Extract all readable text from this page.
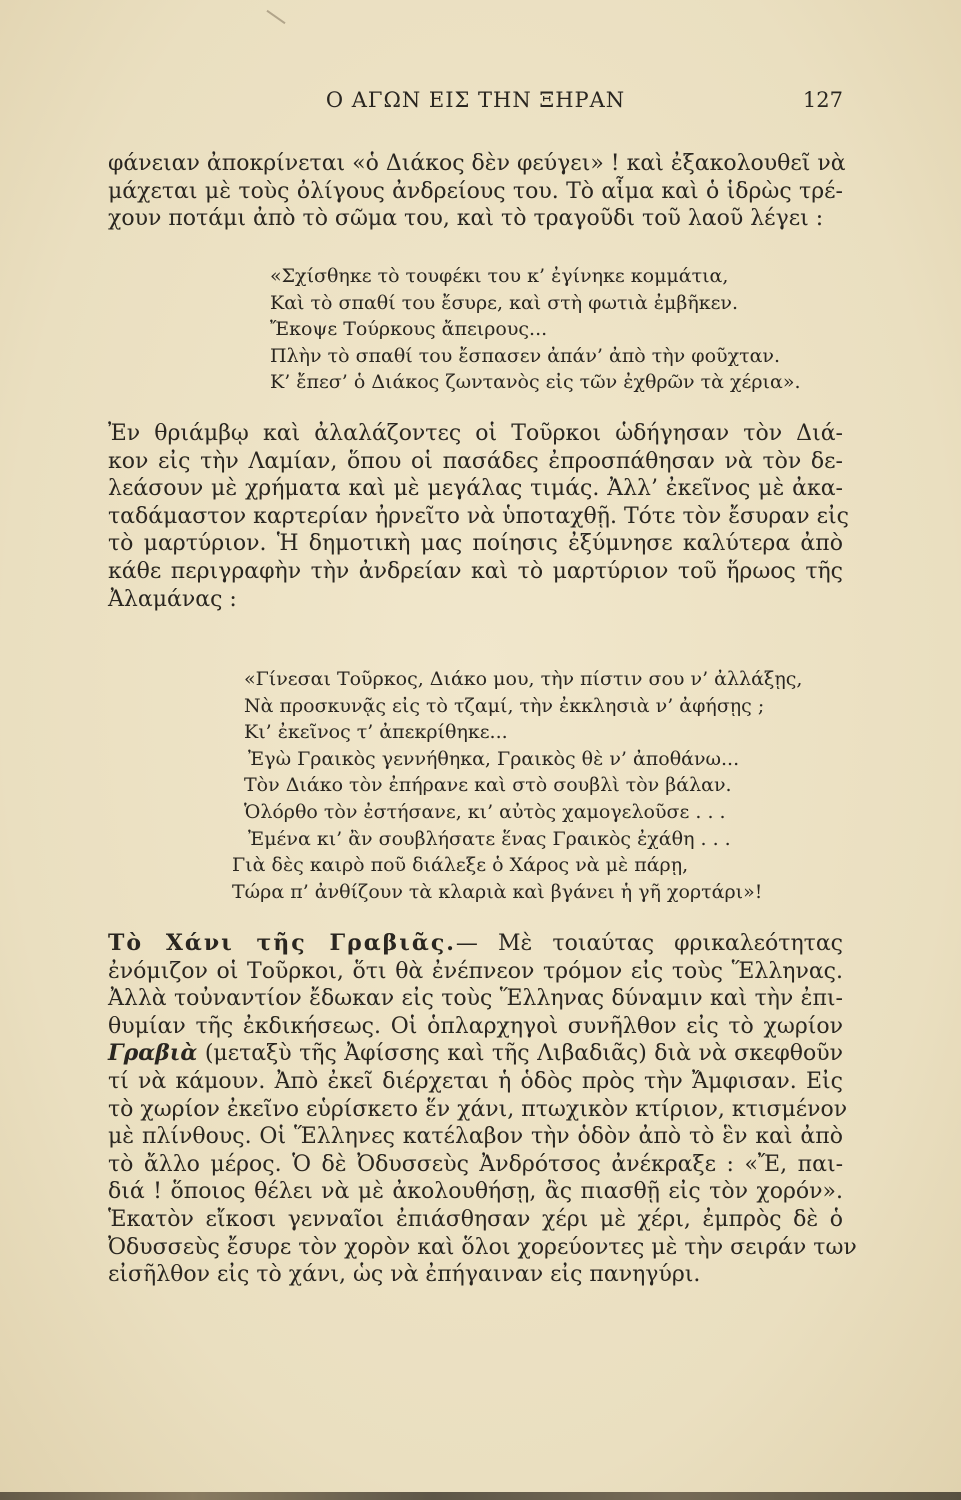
Ο ΑΓΩΝ ΕΙΣ ΤΗΝ ΞΗΡΑΝ	127
φάνειαν ἀποκρίνεται «ὁ Διάκος δὲν φεύγει» ! καὶ ἐξακολουθεῖ νὰ
μάχεται μὲ τοὺς ὀλίγους ἀνδρείους του. Τὸ αἷμα καὶ ὁ ἱδρὼς τρέ-
χουν ποτάμι ἀπὸ τὸ σῶμα του, καὶ τὸ τραγοῦδι τοῦ λαοῦ λέγει :
«Σχίσθηκε τὸ τουφέκι του κ’ ἐγίνηκε κομμάτια,
Καὶ τὸ σπαθί του ἔσυρε, καὶ στὴ φωτιὰ ἐμβῆκεν.
Ἔκοψε Τούρκους ἄπειρους...
Πλὴν τὸ σπαθί του ἔσπασεν ἀπάν’ ἀπὸ τὴν φοῦχταν.
Κ’ ἔπεσ’ ὁ Διάκος ζωντανὸς εἰς τῶν ἐχθρῶν τὰ χέρια».
Ἐν θριάμβῳ καὶ ἀλαλάζοντες οἱ Τοῦρκοι ὡδήγησαν τὸν Διά-
κον εἰς τὴν Λαμίαν, ὅπου οἱ πασάδες ἐπροσπάθησαν νὰ τὸν δε-
λεάσουν μὲ χρήματα καὶ μὲ μεγάλας τιμάς. Ἀλλ’ ἐκεῖνος μὲ ἀκα-
ταδάμαστον καρτερίαν ἠρνεῖτο νὰ ὑποταχθῇ. Τότε τὸν ἔσυραν εἰς
τὸ μαρτύριον. Ἡ δημοτικὴ μας ποίησις ἐξύμνησε καλύτερα ἀπὸ
κάθε περιγραφὴν τὴν ἀνδρείαν καὶ τὸ μαρτύριον τοῦ ἥρωος τῆς
Ἀλαμάνας :
«Γίνεσαι Τοῦρκος, Διάκο μου, τὴν πίστιν σου ν’ ἀλλάξῃς,
Νὰ προσκυνᾷς εἰς τὸ τζαμί, τὴν ἐκκλησιὰ ν’ ἀφήσῃς ;
Κι’ ἐκεῖνος τ’ ἀπεκρίθηκε...
Ἐγὼ Γραικὸς γεννήθηκα, Γραικὸς θὲ ν’ ἀποθάνω...
Τὸν Διάκο τὸν ἐπήρανε καὶ στὸ σουβλὶ τὸν βάλαν.
Ὁλόρθο τὸν ἐστήσανε, κι’ αὐτὸς χαμογελοῦσε . . .
Ἐμένα κι’ ἂν σουβλήσατε ἕνας Γραικὸς ἐχάθη . . .
Γιὰ δὲς καιρὸ ποῦ διάλεξε ὁ Χάρος νὰ μὲ πάρῃ,
Τώρα π’ ἀνθίζουν τὰ κλαριὰ καὶ βγάνει ἡ γῆ χορτάρι»!
Τὸ Χάνι τῆς Γραβιᾶς.— Μὲ τοιαύτας φρικαλεότητας
ἐνόμιζον οἱ Τοῦρκοι, ὅτι θὰ ἐνέπνεον τρόμον εἰς τοὺς Ἕλληνας.
Ἀλλὰ τοὐναντίον ἔδωκαν εἰς τοὺς Ἕλληνας δύναμιν καὶ τὴν ἐπι-
θυμίαν τῆς ἐκδικήσεως. Οἱ ὁπλαρχηγοὶ συνῆλθον εἰς τὸ χωρίον
Γραβιὰ (μεταξὺ τῆς Ἀφίσσης καὶ τῆς Λιβαδιᾶς) διὰ νὰ σκεφθοῦν
τί νὰ κάμουν. Ἀπὸ ἐκεῖ διέρχεται ἡ ὁδὸς πρὸς τὴν Ἄμφισαν. Εἰς
τὸ χωρίον ἐκεῖνο εὑρίσκετο ἕν χάνι, πτωχικὸν κτίριον, κτισμένον
μὲ πλίνθους. Οἱ Ἕλληνες κατέλαβον τὴν ὁδὸν ἀπὸ τὸ ἓν καὶ ἀπὸ
τὸ ἄλλο μέρος. Ὁ δὲ Ὀδυσσεὺς Ἀνδρότσος ἀνέκραξε : «Ἔ, παι-
διά ! ὅποιος θέλει νὰ μὲ ἀκολουθήσῃ, ἂς πιασθῇ εἰς τὸν χορόν».
Ἑκατὸν εἴκοσι γενναῖοι ἐπιάσθησαν χέρι μὲ χέρι, ἐμπρὸς δὲ ὁ
Ὀδυσσεὺς ἔσυρε τὸν χορὸν καὶ ὅλοι χορεύοντες μὲ τὴν σειράν των
εἰσῆλθον εἰς τὸ χάνι, ὡς νὰ ἐπήγαιναν εἰς πανηγύρι.
